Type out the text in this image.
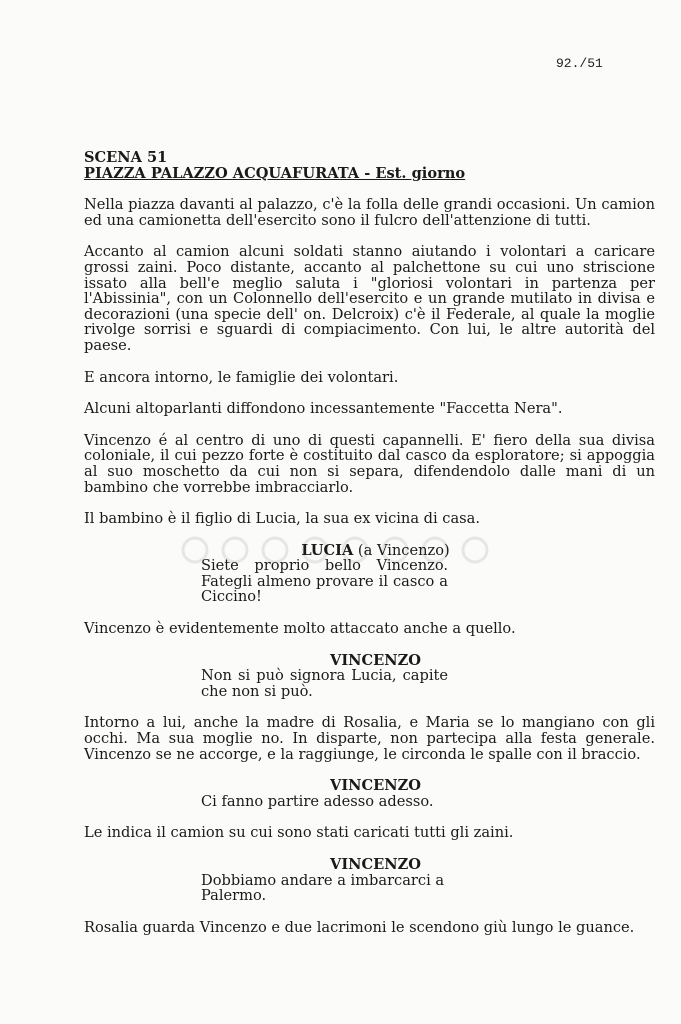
92./51
SCENA 51
PIAZZA PALAZZO ACQUAFURATA - Est. giorno

Nella piazza davanti al palazzo, c'è la folla delle grandi occasioni. Un camion ed una camionetta dell'esercito sono il fulcro dell'attenzione di tutti.

Accanto al camion alcuni soldati stanno aiutando i volontari a caricare grossi zaini. Poco distante, accanto al palchettone su cui uno striscione issato alla bell'e meglio saluta i "gloriosi volontari in partenza per l'Abissinia", con un Colonnello dell'esercito e un grande mutilato in divisa e decorazioni (una specie dell' on. Delcroix) c'è il Federale, al quale la moglie rivolge sorrisi e sguardi di compiacimento. Con lui, le altre autorità del paese.

E ancora intorno, le famiglie dei volontari.

Alcuni altoparlanti diffondono incessantemente "Faccetta Nera".

Vincenzo é al centro di uno di questi capannelli. E' fiero della sua divisa coloniale, il cui pezzo forte è costituito dal casco da esploratore; si appoggia al suo moschetto da cui non si separa, difendendolo dalle mani di un bambino che vorrebbe imbracciarlo.

Il bambino è il figlio di Lucia, la sua ex vicina di casa.

LUCIA (a Vincenzo)
Siete proprio bello Vincenzo. Fategli almeno provare il casco a Ciccino!

Vincenzo è evidentemente molto attaccato anche a quello.

VINCENZO
Non si può signora Lucia, capite che non si può.

Intorno a lui, anche la madre di Rosalia, e Maria se lo mangiano con gli occhi. Ma sua moglie no. In disparte, non partecipa alla festa generale. Vincenzo se ne accorge, e la raggiunge, le circonda le spalle con il braccio.

VINCENZO
Ci fanno partire adesso adesso.

Le indica il camion su cui sono stati caricati tutti gli zaini.

VINCENZO
Dobbiamo andare a imbarcarci a Palermo.

Rosalia guarda Vincenzo e due lacrimoni le scendono giù lungo le guance.
